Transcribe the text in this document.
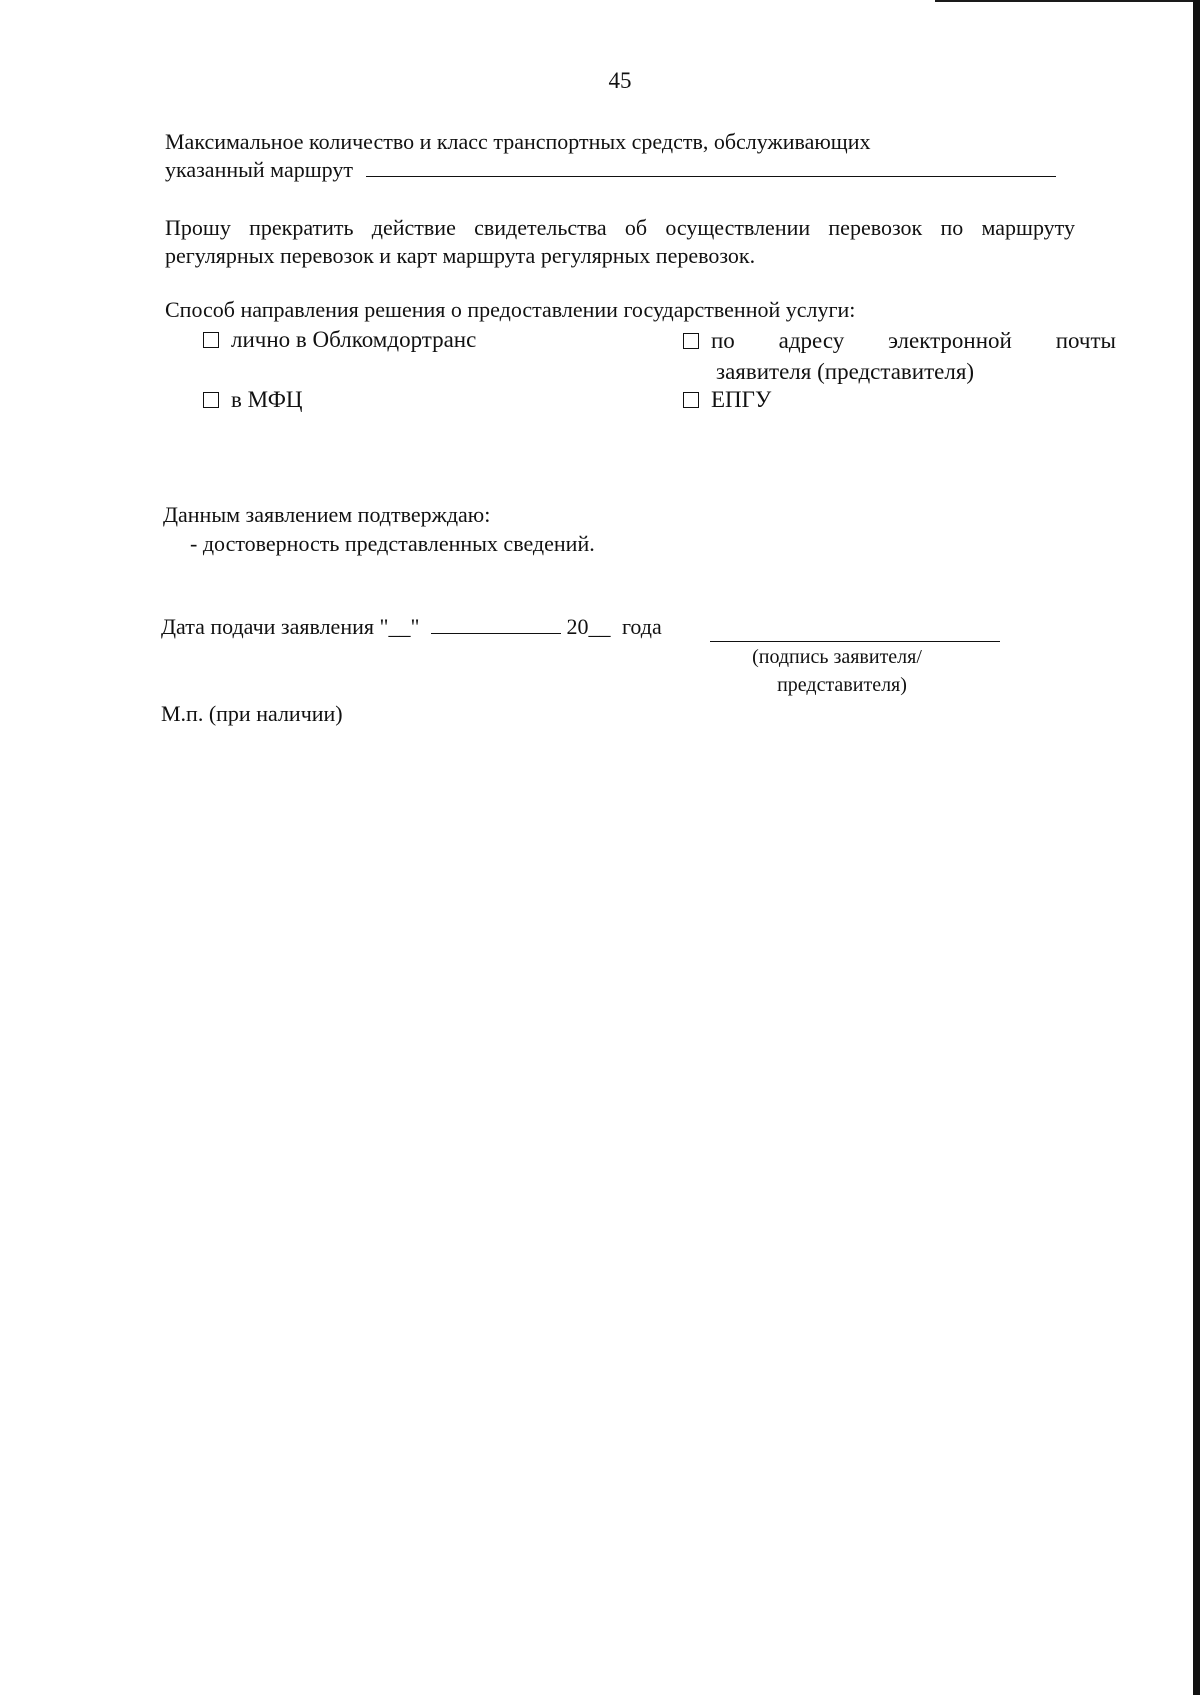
45
Максимальное количество и класс транспортных средств, обслуживающих
указанный маршрут
Прошу прекратить действие свидетельства об осуществлении перевозок по маршруту
регулярных перевозок и карт маршрута регулярных перевозок.
Способ направления решения о предоставлении государственной услуги:
лично в Облкомдортранс	по адресу электронной почты
заявителя (представителя)
в МФЦ	ЕПГУ
Данным заявлением подтверждаю:
- достоверность представленных сведений.
Дата подачи заявления "__"	20__ года
(подпись заявителя/
представителя)
М.п. (при наличии)
